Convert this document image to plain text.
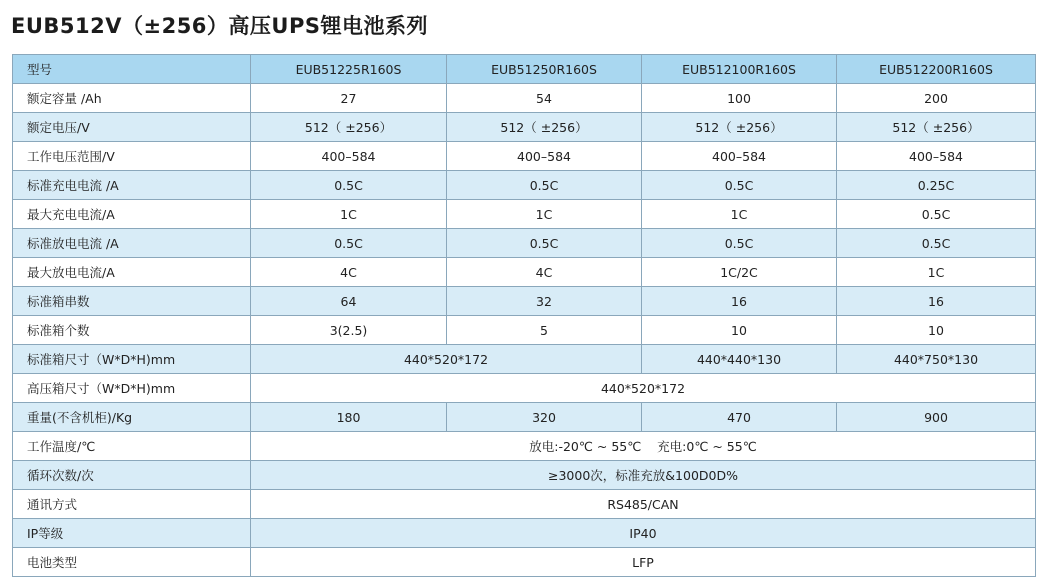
EUB512V（±256）高压UPS锂电池系列
型号	EUB51225R160S	EUB51250R160S	EUB512100R160S	EUB512200R160S
额定容量 /Ah	27	54	100	200
额定电压/V	512（ ±256）	512（ ±256）	512（ ±256）	512（ ±256）
工作电压范围/V	400–584	400–584	400–584	400–584
标准充电电流 /A	0.5C	0.5C	0.5C	0.25C
最大充电电流/A	1C	1C	1C	0.5C
标准放电电流 /A	0.5C	0.5C	0.5C	0.5C
最大放电电流/A	4C	4C	1C/2C	1C
标准箱串数	64	32	16	16
标准箱个数	3(2.5)	5	10	10
标准箱尺寸（W*D*H)mm	440*520*172		440*440*130	440*750*130
高压箱尺寸（W*D*H)mm	440*520*172			
重量(不含机柜)/Kg	180	320	470	900
工作温度/℃	放电:-20℃ ~ 55℃    充电:0℃ ~ 55℃			
循环次数/次	≥3000次，标准充放&100D0D%			
通讯方式	RS485/CAN			
IP等级	IP40			
电池类型	LFP			
